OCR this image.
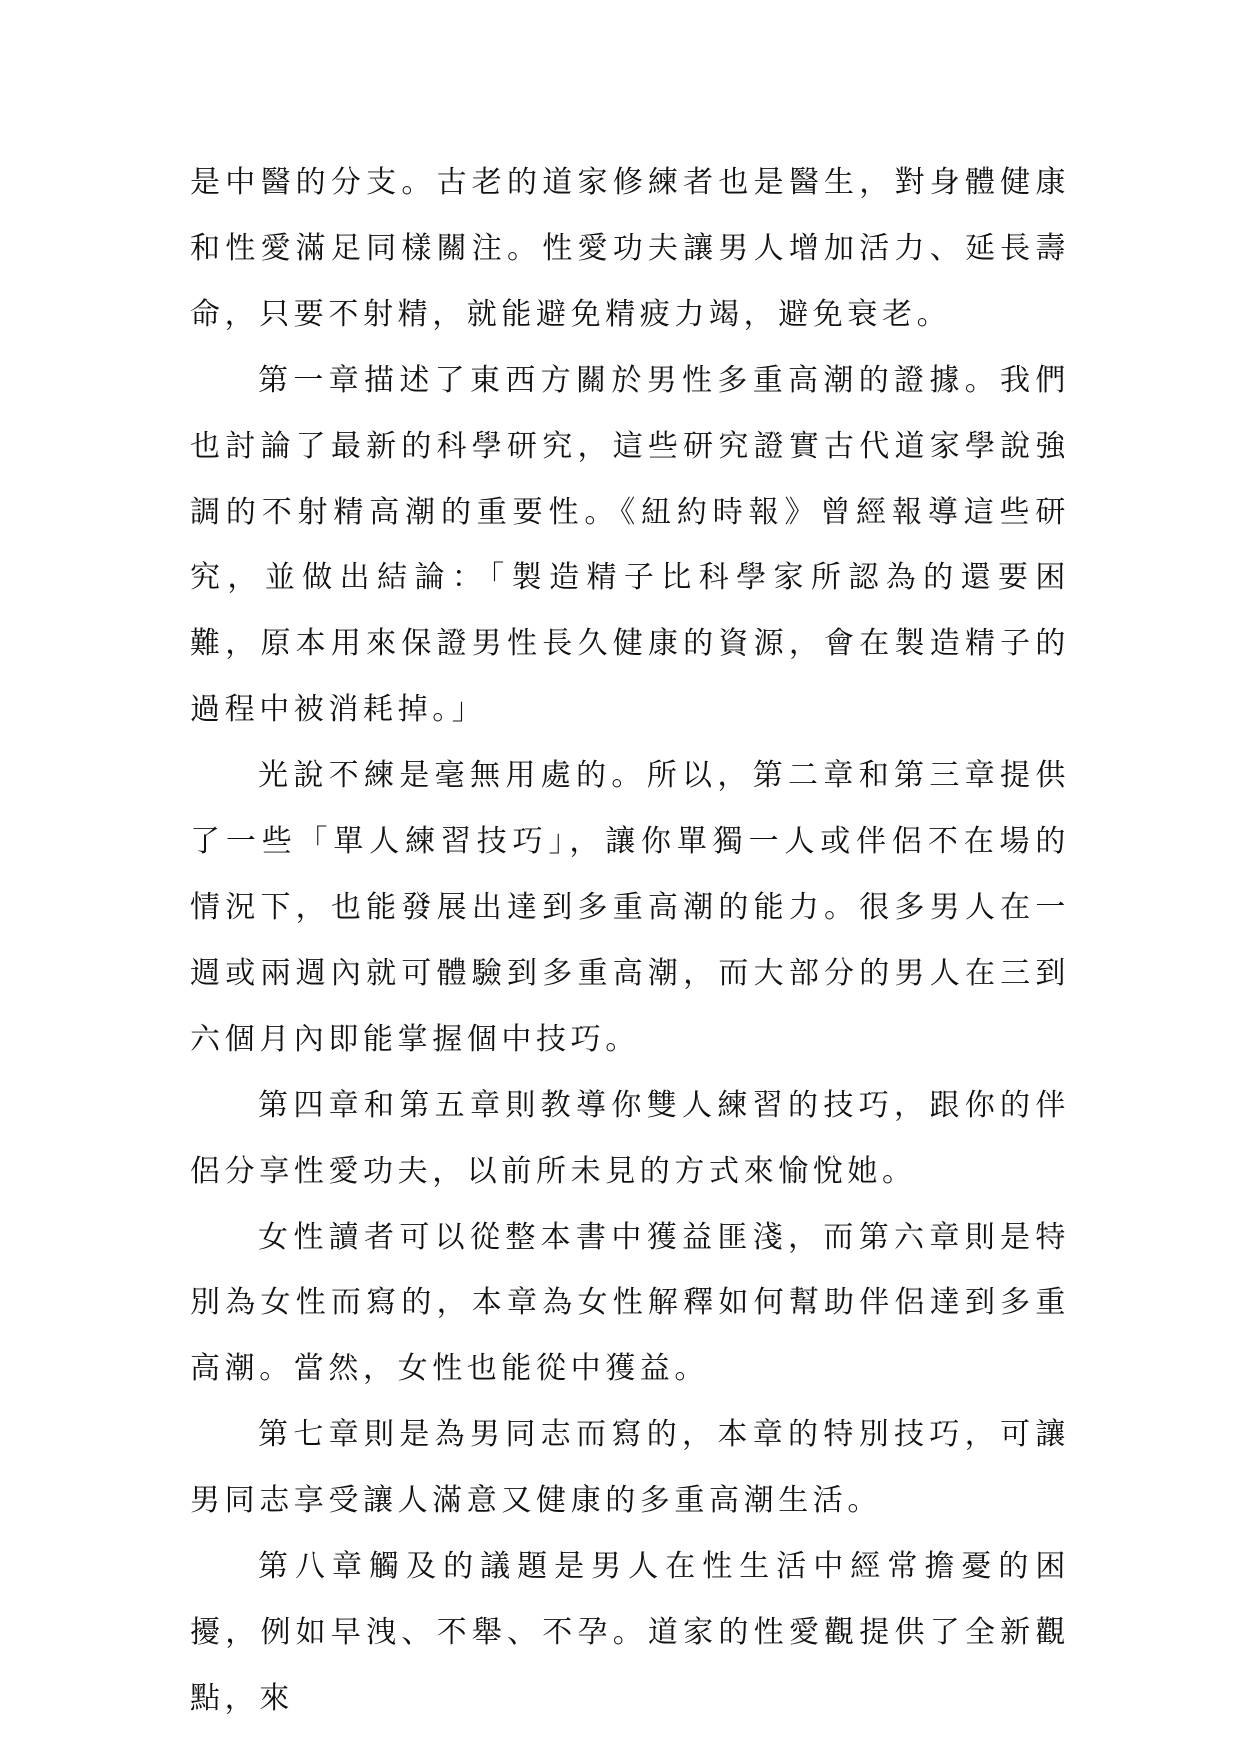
是中醫的分支。古老的道家修練者也是醫生，對身體健康和性愛滿足同樣關注。性愛功夫讓男人增加活力、延長壽命，只要不射精，就能避免精疲力竭，避免衰老。

第一章描述了東西方關於男性多重高潮的證據。我們也討論了最新的科學研究，這些研究證實古代道家學說強調的不射精高潮的重要性。《紐約時報》曾經報導這些研究，並做出結論：「製造精子比科學家所認為的還要困難，原本用來保證男性長久健康的資源，會在製造精子的過程中被消耗掉。」

光說不練是毫無用處的。所以，第二章和第三章提供了一些「單人練習技巧」，讓你單獨一人或伴侶不在場的情況下，也能發展出達到多重高潮的能力。很多男人在一週或兩週內就可體驗到多重高潮，而大部分的男人在三到六個月內即能掌握個中技巧。

第四章和第五章則教導你雙人練習的技巧，跟你的伴侶分享性愛功夫，以前所未見的方式來愉悅她。

女性讀者可以從整本書中獲益匪淺，而第六章則是特別為女性而寫的，本章為女性解釋如何幫助伴侶達到多重高潮。當然，女性也能從中獲益。

第七章則是為男同志而寫的，本章的特別技巧，可讓男同志享受讓人滿意又健康的多重高潮生活。

第八章觸及的議題是男人在性生活中經常擔憂的困擾，例如早洩、不舉、不孕。道家的性愛觀提供了全新觀點，來
